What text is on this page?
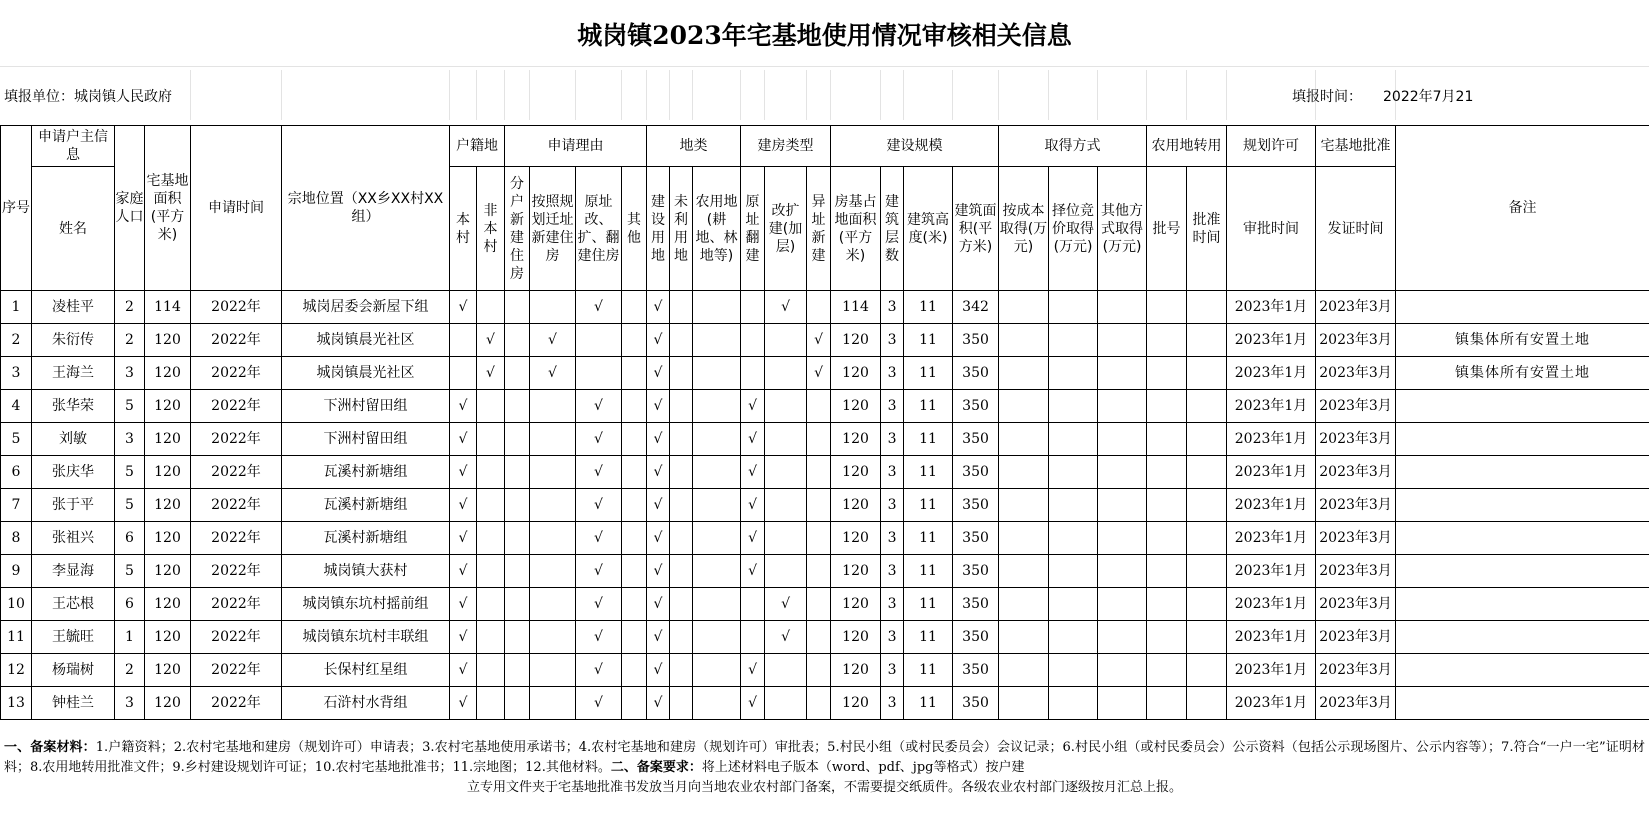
城岗镇2023年宅基地使用情况审核相关信息
填报单位：城岗镇人民政府	填报时间： 2022年7月21
序号	申请户主信息	家庭人口	宅基地面积(平方米)	申请时间	宗地位置（XX乡XX村XX组）	户籍地		申请理由				地类			建房类型			建设规模				取得方式			农用地转用		规划许可	宅基地批准	备注
	姓名					本村	非本村	分户新建住房	按照规划迁址新建住房	原址改、扩、翻建住房	其他	建设用地	未利用地	农用地(耕地、林地等)	原址翻建	改扩建(加层)	异址新建	房基占地面积(平方米)	建筑层数	建筑高度(米)	建筑面积(平方米)	按成本取得(万元)	择位竞价取得(万元)	其他方式取得(万元)	批号	批准时间	审批时间	发证时间	
1	凌桂平	2	114	2022年	城岗居委会新屋下组	√				√		√				√		114	3	11	342						2023年1月	2023年3月	
2	朱衍传	2	120	2022年	城岗镇晨光社区		√		√			√					√	120	3	11	350						2023年1月	2023年3月	镇集体所有安置土地
3	王海兰	3	120	2022年	城岗镇晨光社区		√		√			√					√	120	3	11	350						2023年1月	2023年3月	镇集体所有安置土地
4	张华荣	5	120	2022年	下洲村留田组	√				√		√			√			120	3	11	350						2023年1月	2023年3月	
5	刘敏	3	120	2022年	下洲村留田组	√				√		√			√			120	3	11	350						2023年1月	2023年3月	
6	张庆华	5	120	2022年	瓦溪村新塘组	√				√		√			√			120	3	11	350						2023年1月	2023年3月	
7	张于平	5	120	2022年	瓦溪村新塘组	√				√		√			√			120	3	11	350						2023年1月	2023年3月	
8	张祖兴	6	120	2022年	瓦溪村新塘组	√				√		√			√			120	3	11	350						2023年1月	2023年3月	
9	李显海	5	120	2022年	城岗镇大获村	√				√		√			√			120	3	11	350						2023年1月	2023年3月	
10	王芯根	6	120	2022年	城岗镇东坑村摇前组	√				√		√				√		120	3	11	350						2023年1月	2023年3月	
11	王毓旺	1	120	2022年	城岗镇东坑村丰联组	√				√		√				√		120	3	11	350						2023年1月	2023年3月	
12	杨瑞树	2	120	2022年	长保村红星组	√				√		√			√			120	3	11	350						2023年1月	2023年3月	
13	钟桂兰	3	120	2022年	石浒村水背组	√				√		√			√			120	3	11	350						2023年1月	2023年3月	
一、备案材料：1.户籍资料；2.农村宅基地和建房（规划许可）申请表；3.农村宅基地使用承诺书；4.农村宅基地和建房（规划许可）审批表；5.村民小组（或村民委员会）会议记录；6.村民小组（或村民委员会）公示资料（包括公示现场图片、公示内容等）；7.符合“一户一宅”证明材料；8.农用地转用批准文件；9.乡村建设规划许可证；10.农村宅基地批准书；11.宗地图；12.其他材料。二、备案要求：将上述材料电子版本（word、pdf、jpg等格式）按户建
立专用文件夹于宅基地批准书发放当月向当地农业农村部门备案，不需要提交纸质件。各级农业农村部门逐级按月汇总上报。
